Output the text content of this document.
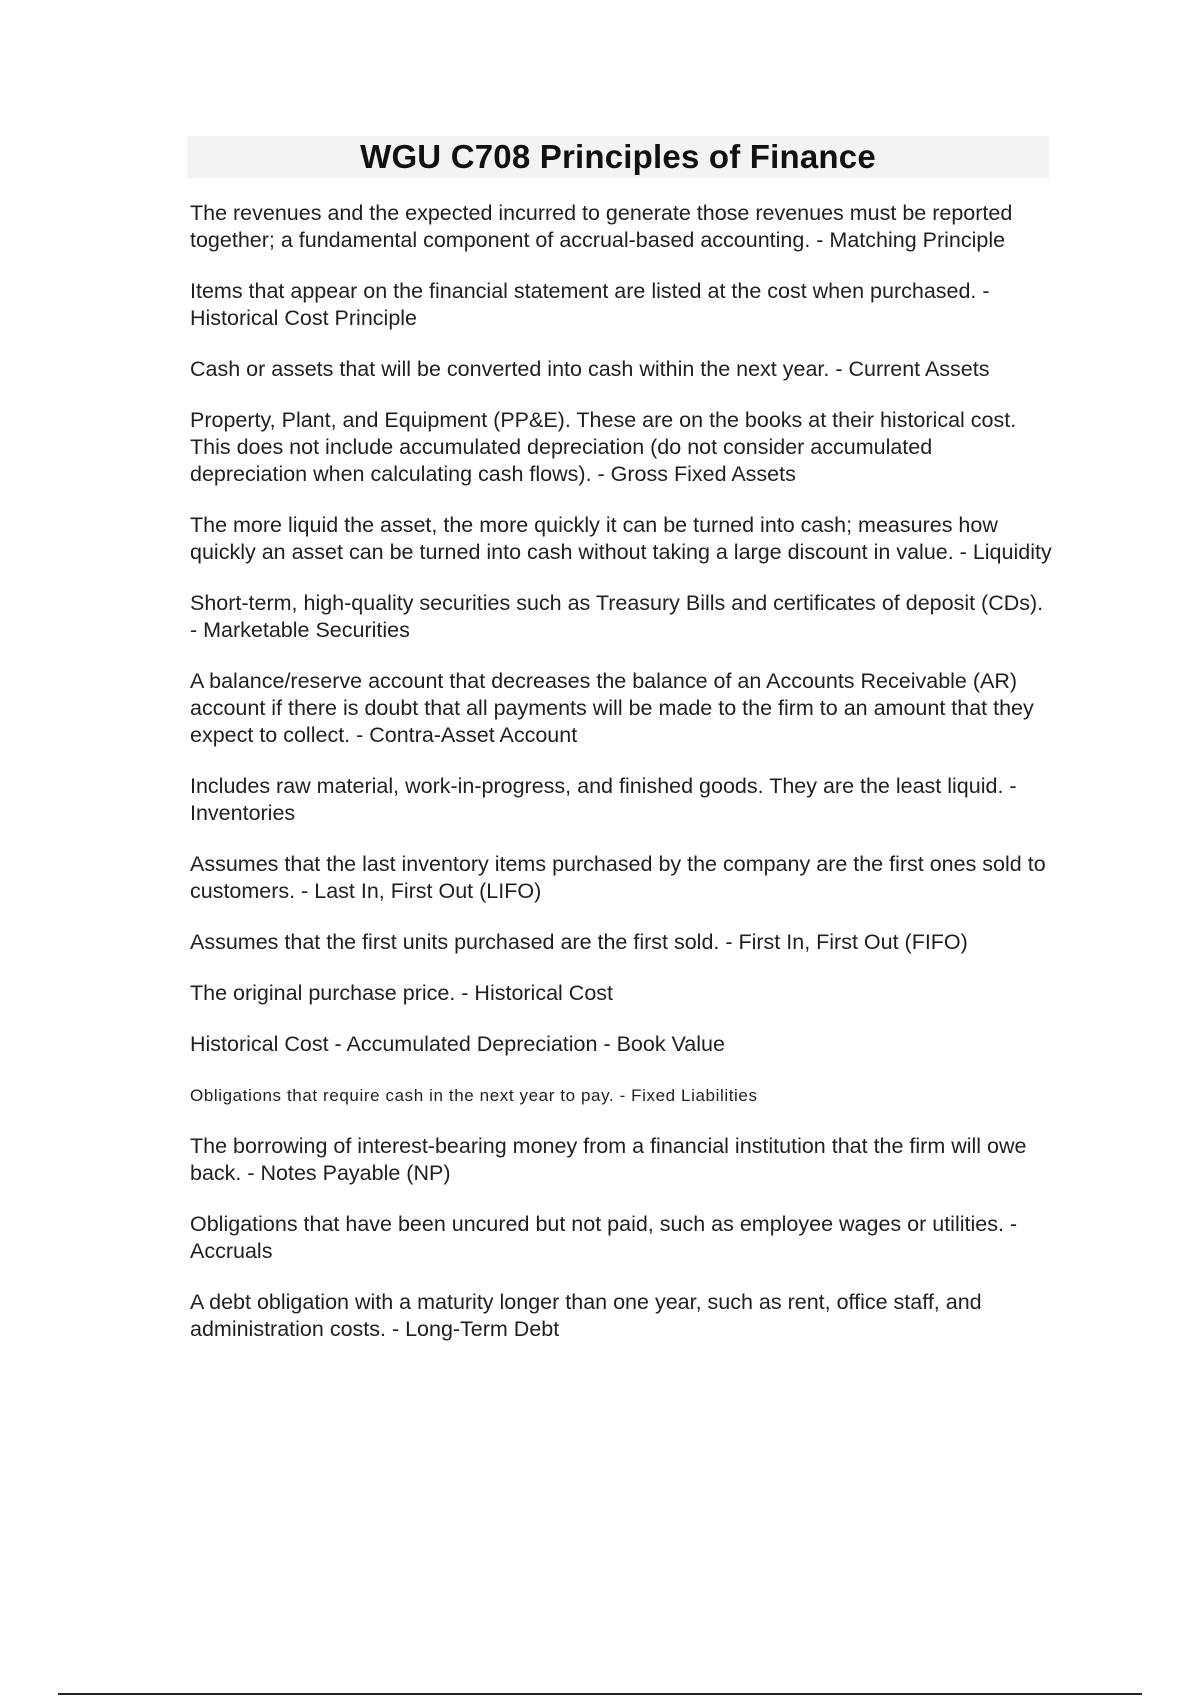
WGU C708 Principles of Finance

The revenues and the expected incurred to generate those revenues must be reported together; a fundamental component of accrual-based accounting. - Matching Principle

Items that appear on the financial statement are listed at the cost when purchased. - Historical Cost Principle

Cash or assets that will be converted into cash within the next year. - Current Assets

Property, Plant, and Equipment (PP&E). These are on the books at their historical cost. This does not include accumulated depreciation (do not consider accumulated depreciation when calculating cash flows). - Gross Fixed Assets

The more liquid the asset, the more quickly it can be turned into cash; measures how quickly an asset can be turned into cash without taking a large discount in value. - Liquidity

Short-term, high-quality securities such as Treasury Bills and certificates of deposit (CDs). - Marketable Securities

A balance/reserve account that decreases the balance of an Accounts Receivable (AR) account if there is doubt that all payments will be made to the firm to an amount that they expect to collect. - Contra-Asset Account

Includes raw material, work-in-progress, and finished goods. They are the least liquid. - Inventories

Assumes that the last inventory items purchased by the company are the first ones sold to customers. - Last In, First Out (LIFO)

Assumes that the first units purchased are the first sold. - First In, First Out (FIFO)

The original purchase price. - Historical Cost

Historical Cost - Accumulated Depreciation - Book Value

Obligations that require cash in the next year to pay. - Fixed Liabilities

The borrowing of interest-bearing money from a financial institution that the firm will owe back. - Notes Payable (NP)

Obligations that have been uncured but not paid, such as employee wages or utilities. - Accruals

A debt obligation with a maturity longer than one year, such as rent, office staff, and administration costs. - Long-Term Debt
